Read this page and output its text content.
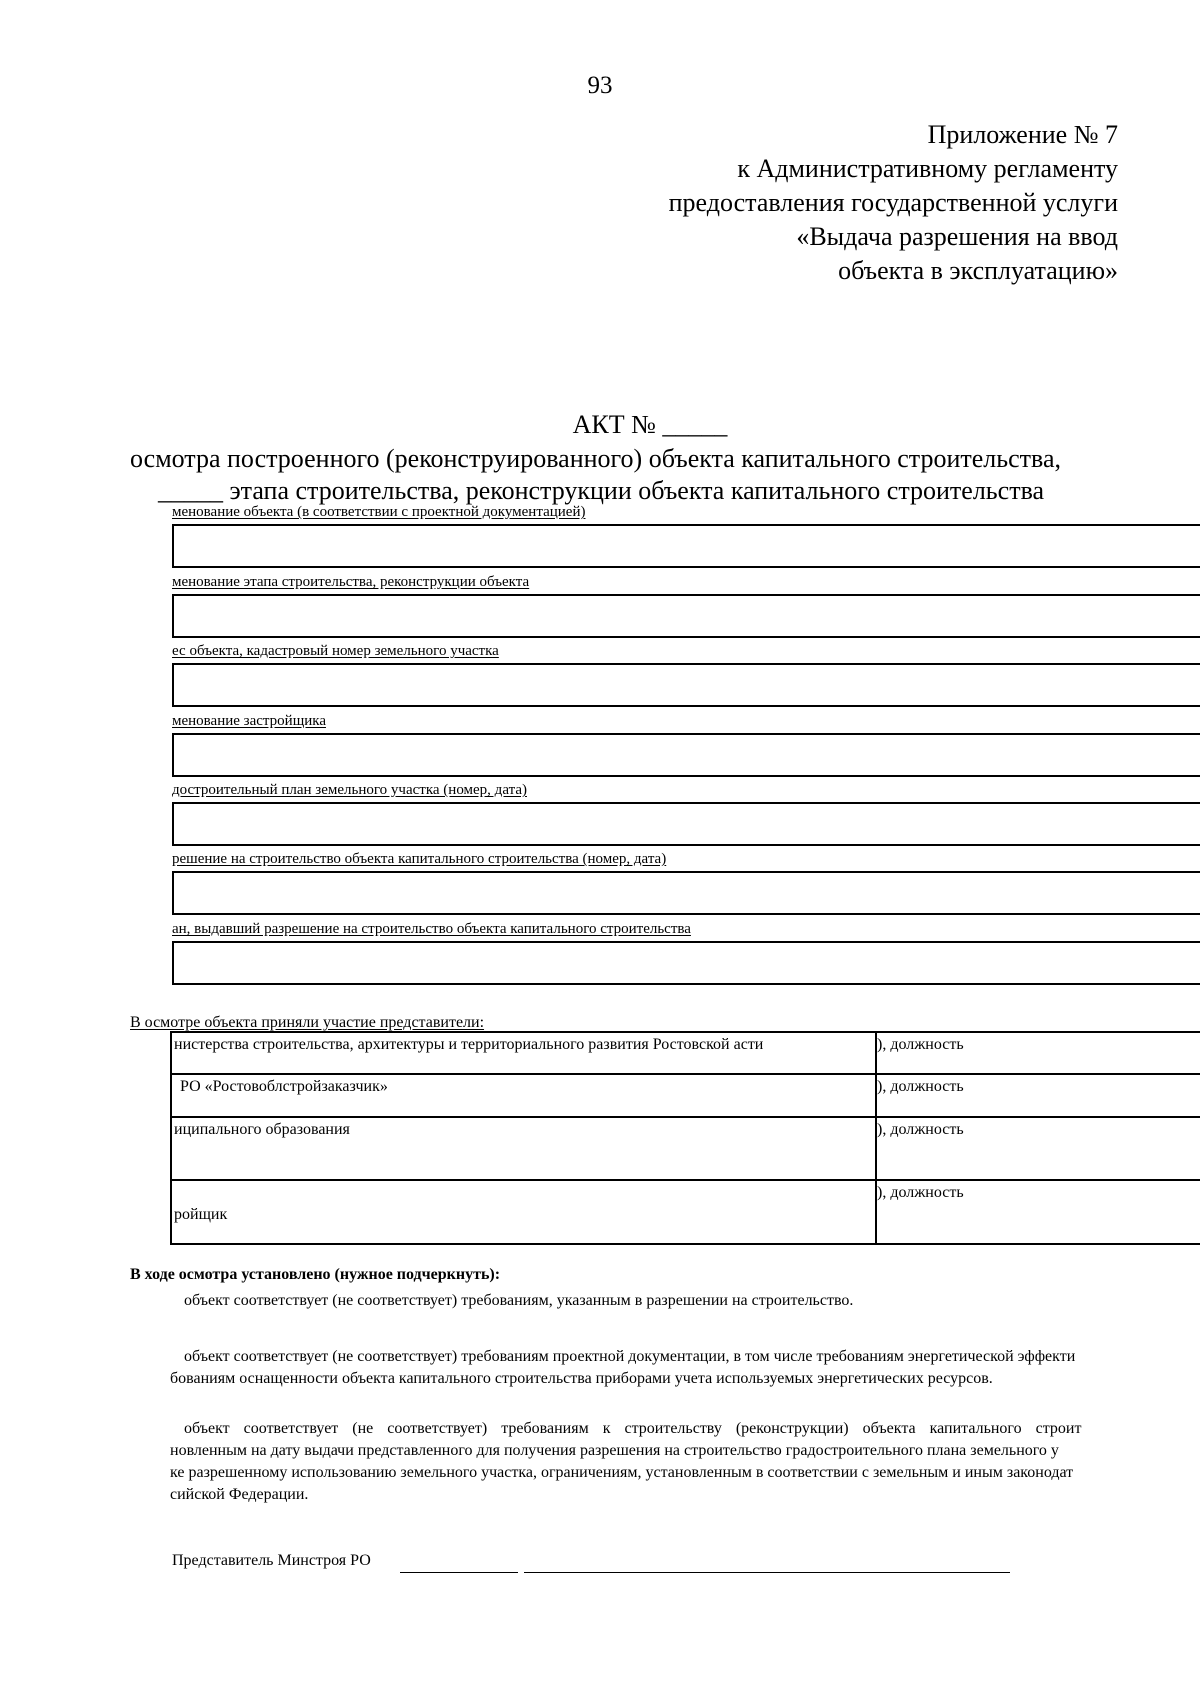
93
Приложение № 7
к Административному регламенту
предоставления государственной услуги
«Выдача разрешения на ввод
объекта в эксплуатацию»
АКТ № _____
осмотра построенного (реконструированного) объекта капитального строительства,
_____ этапа строительства, реконструкции объекта капитального строительства
менование объекта (в соответствии с проектной документацией)
менование этапа строительства, реконструкции объекта
ес объекта, кадастровый номер земельного участка
менование застройщика
достроительный план земельного участка (номер, дата)
решение на строительство объекта капитального строительства (номер, дата)
ан, выдавший разрешение на строительство объекта капитального строительства
В осмотре объекта приняли участие представители:
нистерства строительства, архитектуры и территориального развития Ростовской асти	), должность
РО «Ростовоблстройзаказчик»	), должность
иципального образования	), должность
ройщик	), должность
В ходе осмотра установлено (нужное подчеркнуть):
объект соответствует (не соответствует) требованиям, указанным в разрешении на строительство.
объект соответствует (не соответствует) требованиям проектной документации, в том числе требованиям энергетической эффекти
бованиям оснащенности объекта капитального строительства приборами учета используемых энергетических ресурсов.
объект соответствует (не соответствует) требованиям к строительству (реконструкции) объекта капитального строит
новленным на дату выдачи представленного для получения разрешения на строительство градостроительного плана земельного у
ке разрешенному использованию земельного участка, ограничениям, установленным в соответствии с земельным и иным законодат
сийской Федерации.
Представитель Минстроя РО
